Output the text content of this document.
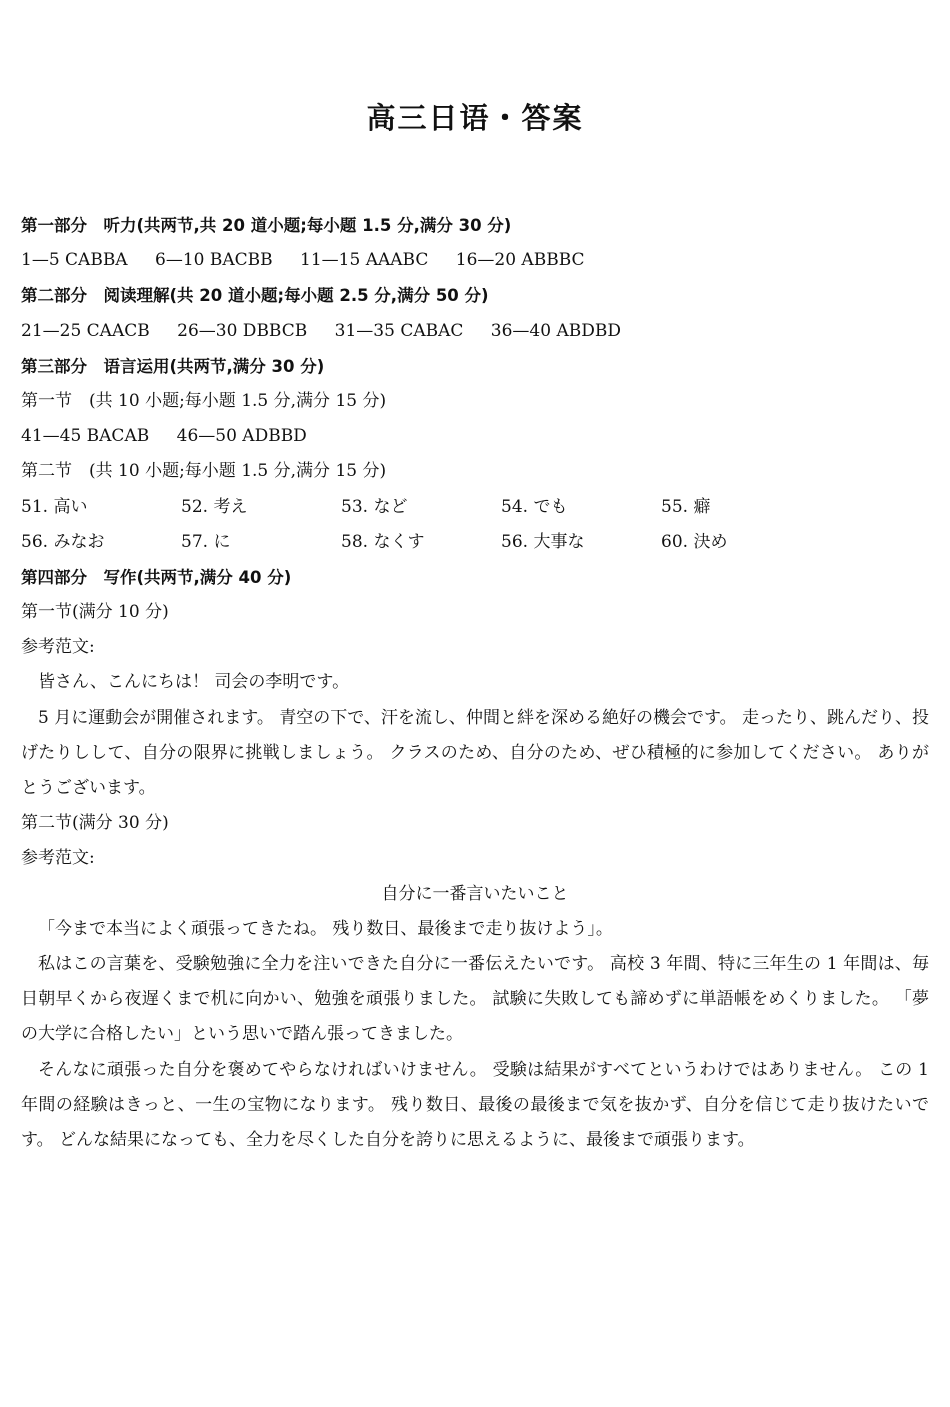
高三日语・答案
第一部分　听力(共两节,共 20 道小题;每小题 1.5 分,满分 30 分)
1—5 CABBA 6—10 BACBB 11—15 AAABC 16—20 ABBBC
第二部分　阅读理解(共 20 道小题;每小题 2.5 分,满分 50 分)
21—25 CAACB 26—30 DBBCB 31—35 CABAC 36—40 ABDBD
第三部分　语言运用(共两节,满分 30 分)
第一节　(共 10 小题;每小题 1.5 分,满分 15 分)
41—45 BACAB 46—50 ADBBD
第二节　(共 10 小题;每小题 1.5 分,满分 15 分)
51. 高い	52. 考え	53. など	54. でも	55. 癖
56. みなお	57. に	58. なくす	56. 大事な	60. 決め
第四部分　写作(共两节,满分 40 分)
第一节(满分 10 分)
参考范文:
皆さん、こんにちは！ 司会の李明です。
5 月に運動会が開催されます。 青空の下で、汗を流し、仲間と絆を深める絶好の機会です。 走ったり、跳んだり、投げたりしして、自分の限界に挑戦しましょう。 クラスのため、自分のため、ぜひ積極的に参加してください。 ありがとうございます。
第二节(满分 30 分)
参考范文:
自分に一番言いたいこと
「今まで本当によく頑張ってきたね。 残り数日、最後まで走り抜けよう」。
私はこの言葉を、受験勉強に全力を注いできた自分に一番伝えたいです。 高校 3 年間、特に三年生の 1 年間は、毎日朝早くから夜遅くまで机に向かい、勉強を頑張りました。 試験に失敗しても諦めずに単語帳をめくりました。 「夢の大学に合格したい」という思いで踏ん張ってきました。
そんなに頑張った自分を褒めてやらなければいけません。 受験は結果がすべてというわけではありません。 この 1 年間の経験はきっと、一生の宝物になります。 残り数日、最後の最後まで気を抜かず、自分を信じて走り抜けたいです。 どんな結果になっても、全力を尽くした自分を誇りに思えるように、最後まで頑張ります。
